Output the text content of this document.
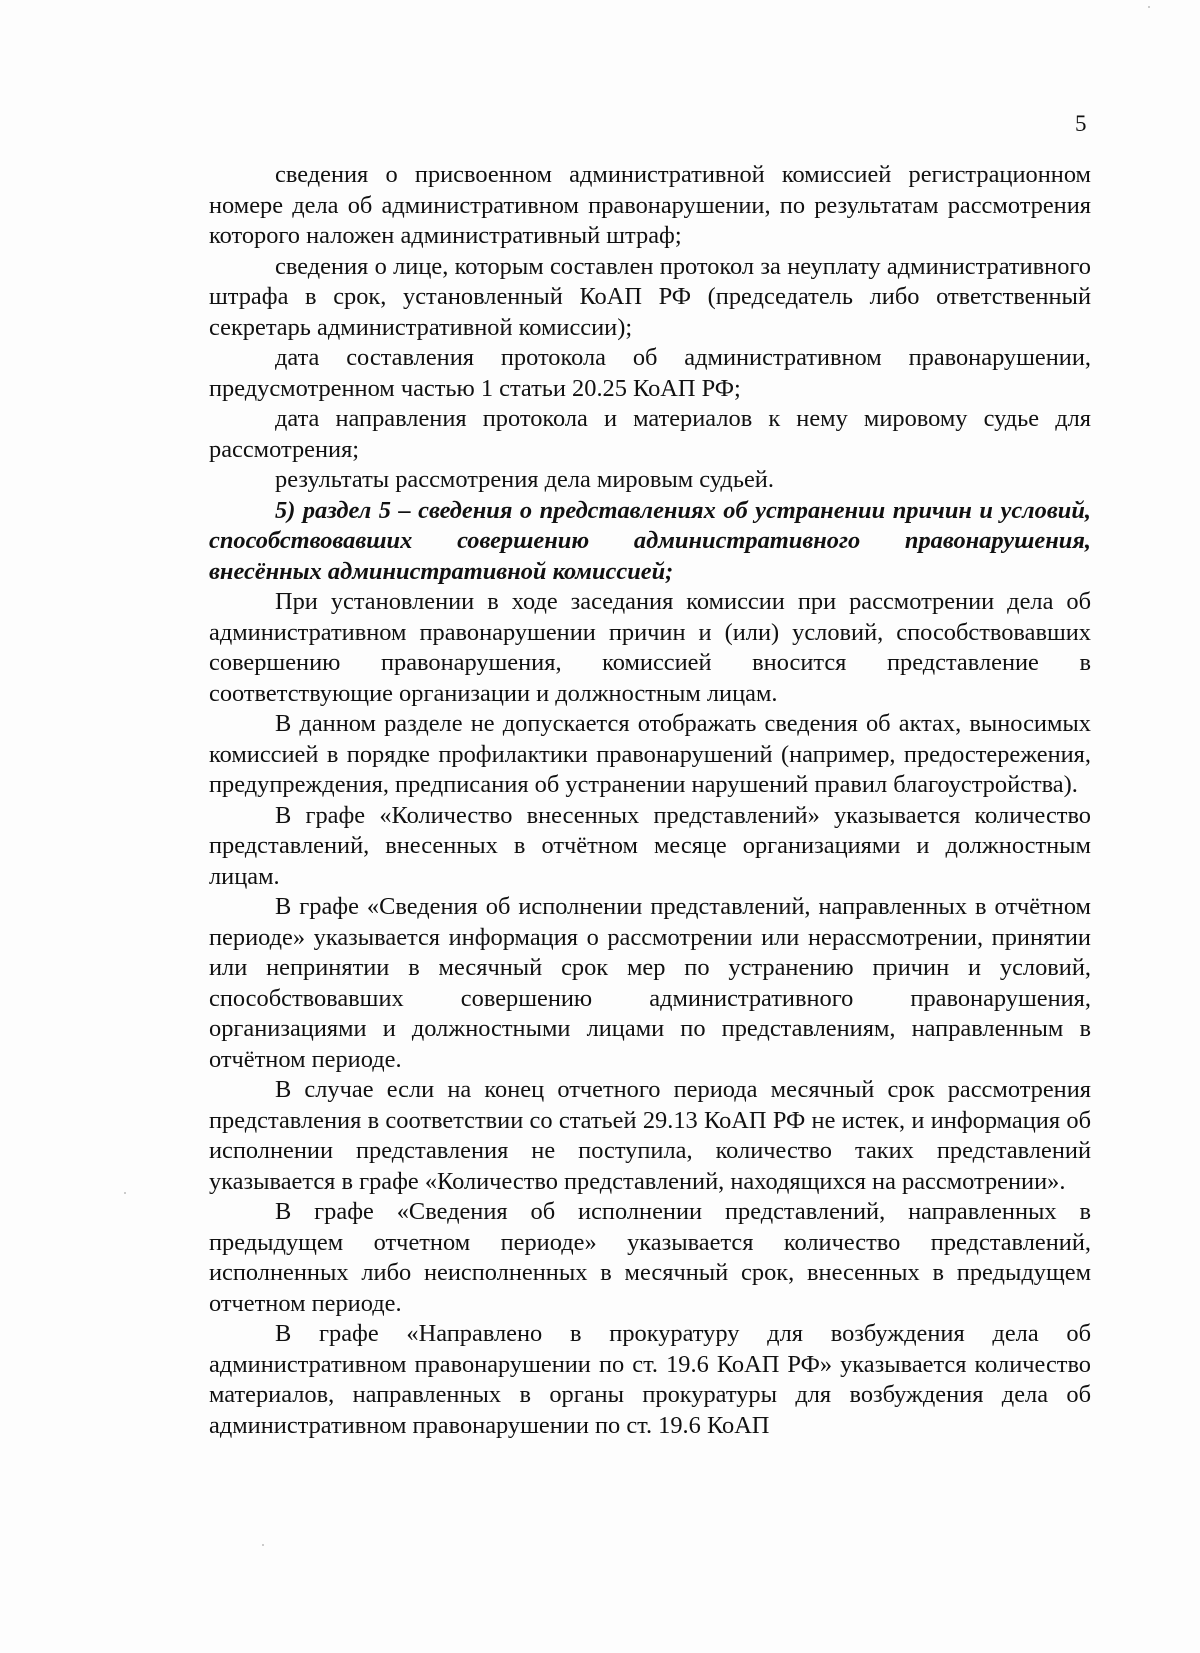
5

сведения о присвоенном административной комиссией регистрационном номере дела об административном правонарушении, по результатам рассмотрения которого наложен административный штраф;

сведения о лице, которым составлен протокол за неуплату административного штрафа в срок, установленный КоАП РФ (председатель либо ответственный секретарь административной комиссии);

дата составления протокола об административном правонарушении, предусмотренном частью 1 статьи 20.25 КоАП РФ;

дата направления протокола и материалов к нему мировому судье для рассмотрения;

результаты рассмотрения дела мировым судьей.

5) раздел 5 – сведения о представлениях об устранении причин и условий, способствовавших совершению административного правонарушения, внесённых административной комиссией;

При установлении в ходе заседания комиссии при рассмотрении дела об административном правонарушении причин и (или) условий, способствовавших совершению правонарушения, комиссией вносится представление в соответствующие организации и должностным лицам.

В данном разделе не допускается отображать сведения об актах, выносимых комиссией в порядке профилактики правонарушений (например, предостережения, предупреждения, предписания об устранении нарушений правил благоустройства).

В графе «Количество внесенных представлений» указывается количество представлений, внесенных в отчётном месяце организациями и должностным лицам.

В графе «Сведения об исполнении представлений, направленных в отчётном периоде» указывается информация о рассмотрении или нерассмотрении, принятии или непринятии в месячный срок мер по устранению причин и условий, способствовавших совершению административного правонарушения, организациями и должностными лицами по представлениям, направленным в отчётном периоде.

В случае если на конец отчетного периода месячный срок рассмотрения представления в соответствии со статьей 29.13 КоАП РФ не истек, и информация об исполнении представления не поступила, количество таких представлений указывается в графе «Количество представлений, находящихся на рассмотрении».

В графе «Сведения об исполнении представлений, направленных в предыдущем отчетном периоде» указывается количество представлений, исполненных либо неисполненных в месячный срок, внесенных в предыдущем отчетном периоде.

В графе «Направлено в прокуратуру для возбуждения дела об административном правонарушении по ст. 19.6 КоАП РФ» указывается количество материалов, направленных в органы прокуратуры для возбуждения дела об административном правонарушении по ст. 19.6 КоАП
